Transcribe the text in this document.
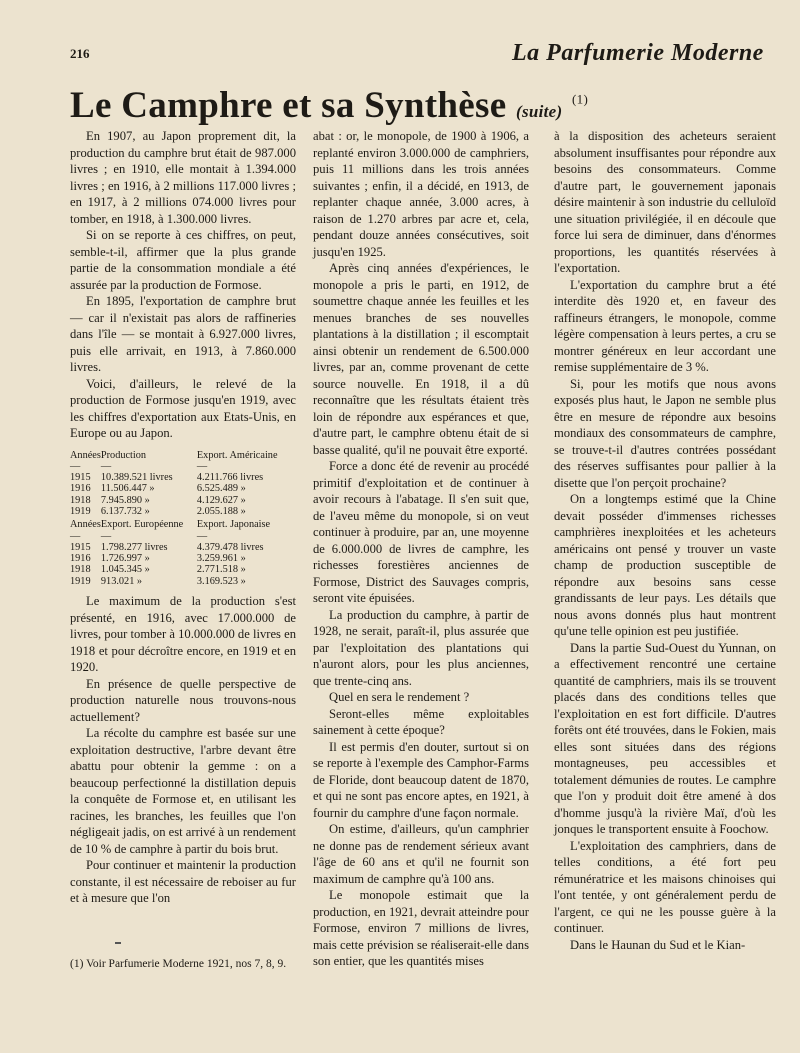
216	La Parfumerie Moderne
Le Camphre et sa Synthèse (suite) $^{(1)}$

En 1907, au Japon proprement dit, la production du camphre brut était de 987.000 livres ; en 1910, elle montait à 1.394.000 livres ; en 1916, à 2 millions 117.000 livres ; en 1917, à 2 millions 074.000 livres pour tomber, en 1918, à 1.300.000 livres.

Si on se reporte à ces chiffres, on peut, semble-t-il, affirmer que la plus grande partie de la consommation mondiale a été assurée par la production de Formose.

En 1895, l'exportation de camphre brut — car il n'existait pas alors de raffineries dans l'île — se montait à 6.927.000 livres, puis elle arrivait, en 1913, à 7.860.000 livres.

Voici, d'ailleurs, le relevé de la production de Formose jusqu'en 1919, avec les chiffres d'exportation aux Etats-Unis, en Europe ou au Japon.

Années	Production	Export. Américaine
—	—	—
1915	10.389.521 livres	4.211.766 livres
1916	11.506.447 »	6.525.489 »
1918	7.945.890 »	4.129.627 »
1919	6.137.732 »	2.055.188 »
Années	Export. Européenne	Export. Japonaise
—	—	—
1915	1.798.277 livres	4.379.478 livres
1916	1.726.997 »	3.259.961 »
1918	1.045.345 »	2.771.518 »
1919	913.021 »	3.169.523 »

Le maximum de la production s'est présenté, en 1916, avec 17.000.000 de livres, pour tomber à 10.000.000 de livres en 1918 et pour décroître encore, en 1919 et en 1920.

En présence de quelle perspective de production naturelle nous trouvons-nous actuellement?

La récolte du camphre est basée sur une exploitation destructive, l'arbre devant être abattu pour obtenir la gemme : on a beaucoup perfectionné la distillation depuis la conquête de Formose et, en utilisant les racines, les branches, les feuilles que l'on négligeait jadis, on est arrivé à un rendement de 10 % de camphre à partir du bois brut.

Pour continuer et maintenir la production constante, il est nécessaire de reboiser au fur et à mesure que l'on

(1) Voir Parfumerie Moderne 1921, nos 7, 8, 9.

abat : or, le monopole, de 1900 à 1906, a replanté environ 3.000.000 de camphriers, puis 11 millions dans les trois années suivantes ; enfin, il a décidé, en 1913, de replanter chaque année, 3.000 acres, à raison de 1.270 arbres par acre et, cela, pendant douze années consécutives, soit jusqu'en 1925.

Après cinq années d'expériences, le monopole a pris le parti, en 1912, de soumettre chaque année les feuilles et les menues branches de ses nouvelles plantations à la distillation ; il escomptait ainsi obtenir un rendement de 6.500.000 livres, par an, comme provenant de cette source nouvelle. En 1918, il a dû reconnaître que les résultats étaient très loin de répondre aux espérances et que, d'autre part, le camphre obtenu était de si basse qualité, qu'il ne pouvait être exporté.

Force a donc été de revenir au procédé primitif d'exploitation et de continuer à avoir recours à l'abatage. Il s'en suit que, de l'aveu même du monopole, si on veut continuer à produire, par an, une moyenne de 6.000.000 de livres de camphre, les richesses forestières anciennes de Formose, District des Sauvages compris, seront vite épuisées.

La production du camphre, à partir de 1928, ne serait, paraît-il, plus assurée que par l'exploitation des plantations qui n'auront alors, pour les plus anciennes, que trente-cinq ans.

Quel en sera le rendement ?

Seront-elles même exploitables sainement à cette époque?

Il est permis d'en douter, surtout si on se reporte à l'exemple des Camphor-Farms de Floride, dont beaucoup datent de 1870, et qui ne sont pas encore aptes, en 1921, à fournir du camphre d'une façon normale.

On estime, d'ailleurs, qu'un camphrier ne donne pas de rendement sérieux avant l'âge de 60 ans et qu'il ne fournit son maximum de camphre qu'à 100 ans.

Le monopole estimait que la production, en 1921, devrait atteindre pour Formose, environ 7 millions de livres, mais cette prévision se réaliserait-elle dans son entier, que les quantités mises

à la disposition des acheteurs seraient absolument insuffisantes pour répondre aux besoins des consommateurs. Comme d'autre part, le gouvernement japonais désire maintenir à son industrie du celluloïd une situation privilégiée, il en découle que force lui sera de diminuer, dans d'énormes proportions, les quantités réservées à l'exportation.

L'exportation du camphre brut a été interdite dès 1920 et, en faveur des raffineurs étrangers, le monopole, comme légère compensation à leurs pertes, a cru se montrer généreux en leur accordant une remise supplémentaire de 3 %.

Si, pour les motifs que nous avons exposés plus haut, le Japon ne semble plus être en mesure de répondre aux besoins mondiaux des consommateurs de camphre, se trouve-t-il d'autres contrées possédant des réserves suffisantes pour pallier à la disette que l'on perçoit prochaine?

On a longtemps estimé que la Chine devait posséder d'immenses richesses camphrières inexploitées et les acheteurs américains ont pensé y trouver un vaste champ de production susceptible de répondre aux besoins sans cesse grandissants de leur pays. Les détails que nous avons donnés plus haut montrent qu'une telle opinion est peu justifiée.

Dans la partie Sud-Ouest du Yunnan, on a effectivement rencontré une certaine quantité de camphriers, mais ils se trouvent placés dans des conditions telles que l'exploitation en est fort difficile. D'autres forêts ont été trouvées, dans le Fokien, mais elles sont situées dans des régions montagneuses, peu accessibles et totalement démunies de routes. Le camphre que l'on y produit doit être amené à dos d'homme jusqu'à la rivière Maï, d'où les jonques le transportent ensuite à Foochow.

L'exploitation des camphriers, dans de telles conditions, a été fort peu rémunératrice et les maisons chinoises qui l'ont tentée, y ont généralement perdu de l'argent, ce qui ne les pousse guère à la continuer.

Dans le Haunan du Sud et le Kian-
